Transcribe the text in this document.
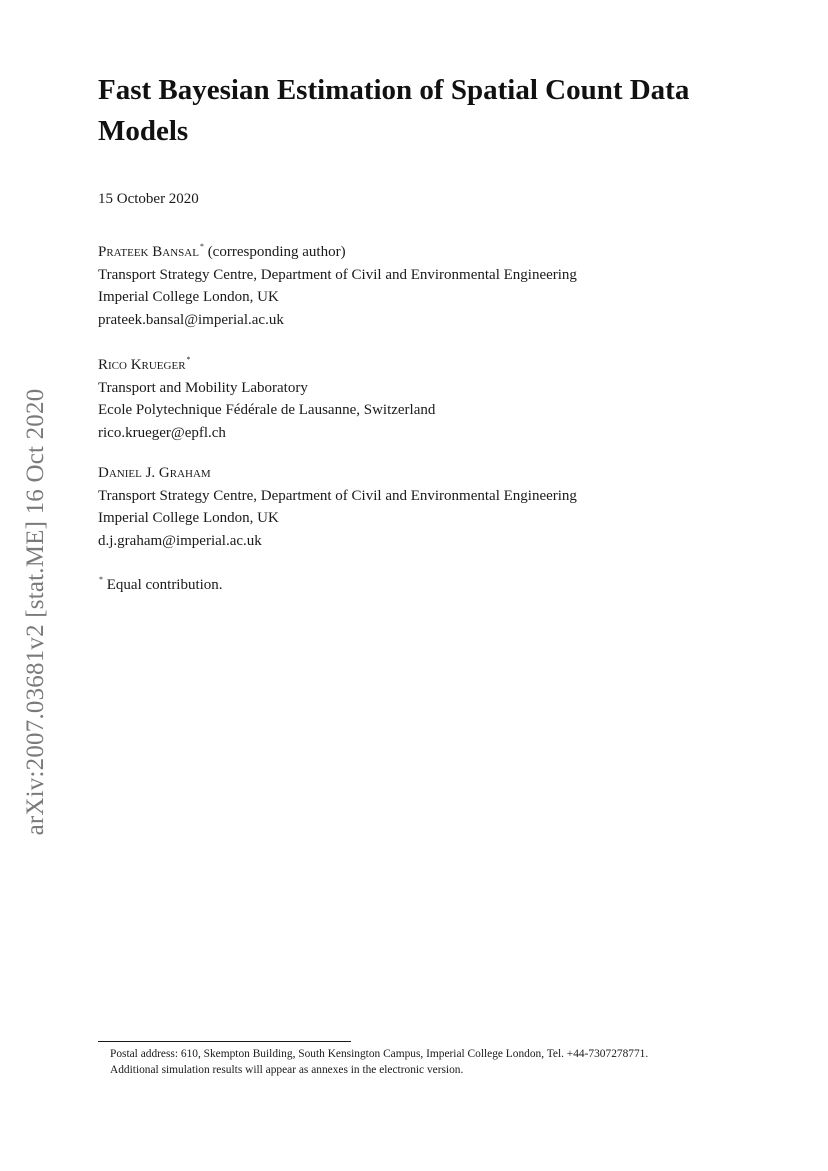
arXiv:2007.03681v2 [stat.ME] 16 Oct 2020
Fast Bayesian Estimation of Spatial Count Data Models
15 October 2020
Prateek Bansal* (corresponding author)
Transport Strategy Centre, Department of Civil and Environmental Engineering
Imperial College London, UK
prateek.bansal@imperial.ac.uk
Rico Krueger*
Transport and Mobility Laboratory
Ecole Polytechnique Fédérale de Lausanne, Switzerland
rico.krueger@epfl.ch
Daniel J. Graham
Transport Strategy Centre, Department of Civil and Environmental Engineering
Imperial College London, UK
d.j.graham@imperial.ac.uk
* Equal contribution.
Postal address: 610, Skempton Building, South Kensington Campus, Imperial College London, Tel. +44-7307278771.
Additional simulation results will appear as annexes in the electronic version.
